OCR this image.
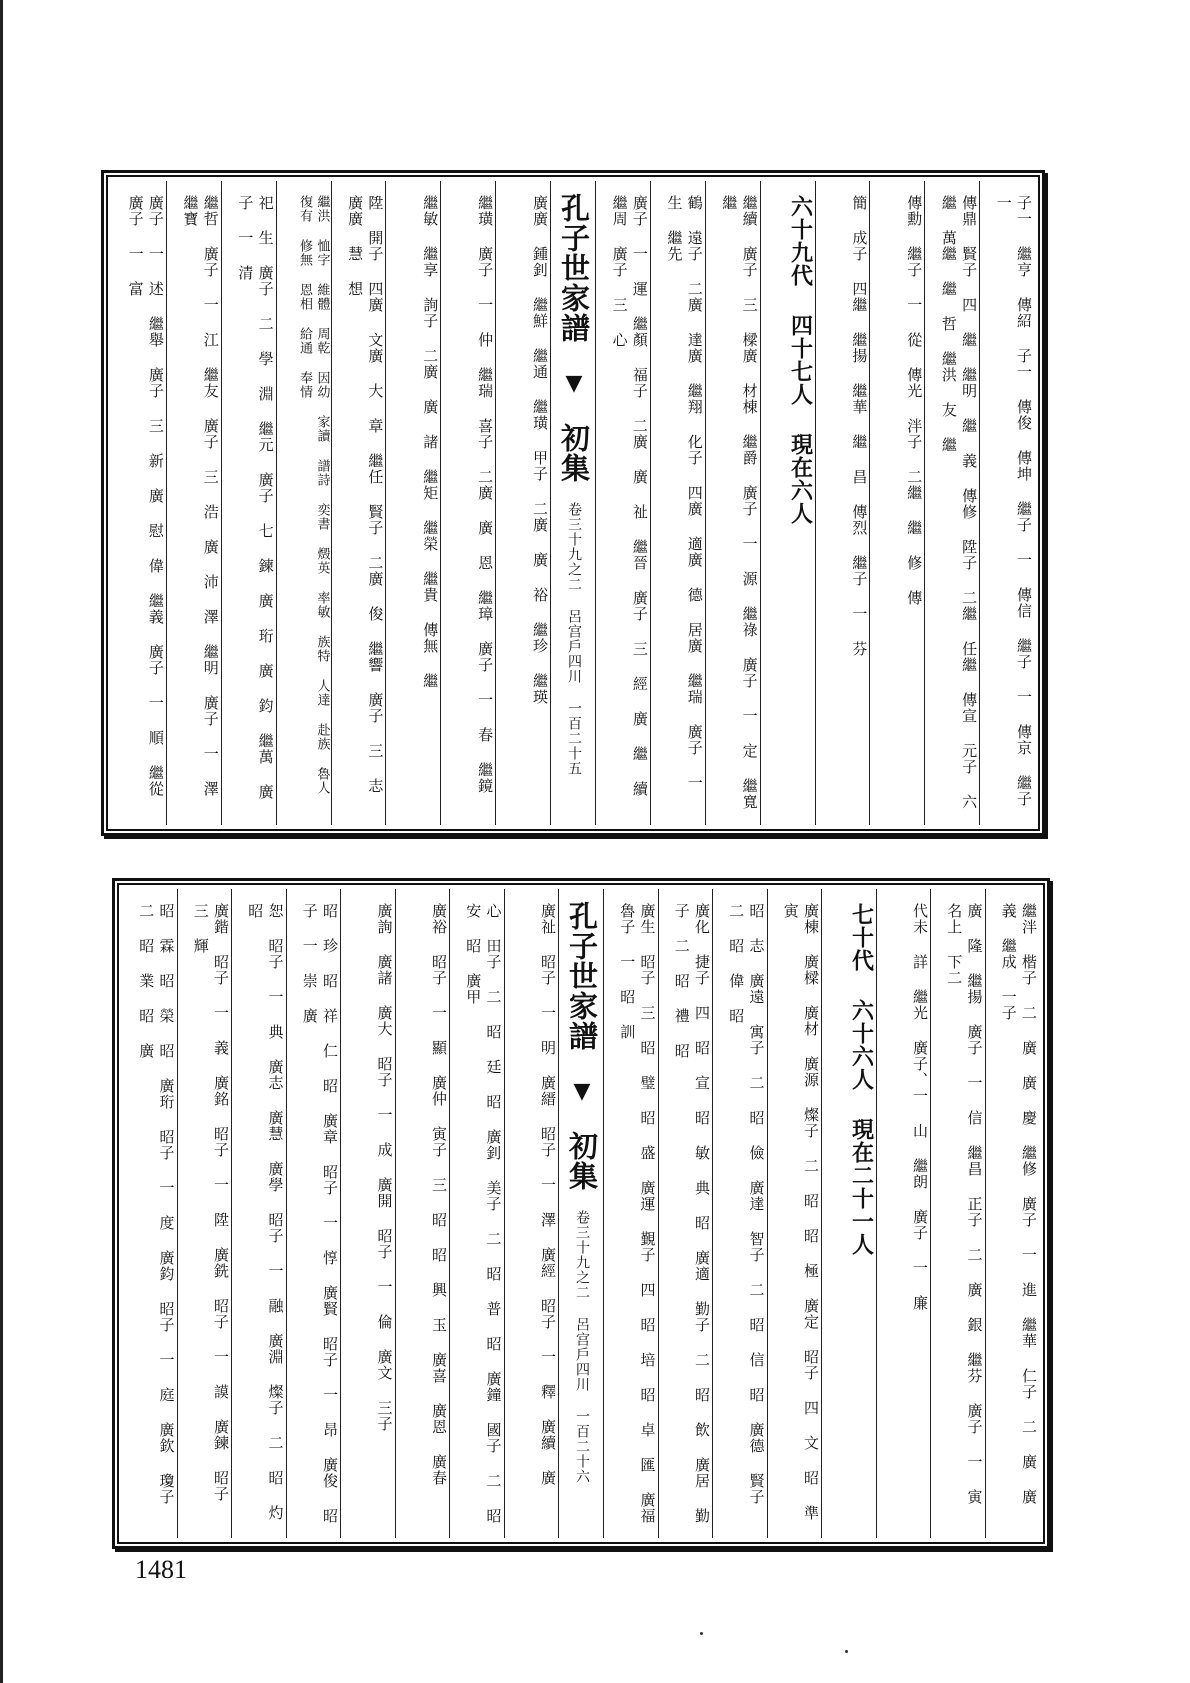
子一 繼亨 傳紹 子一 傳俊 傳坤 繼子 一 傳信 繼子 一 傳京 繼子 一
傳鼎 賢子 四 繼 繼明 繼 義 傳修 陞子 二繼 任繼 傳宣 元子 六繼 萬繼 繼 哲 繼洪 友 繼
傳勳 繼子 一 從 傳光 泮子 二繼 繼 修 傳
簡 成子 四繼 繼揚 繼華 繼 昌 傳烈 繼子 一 芬
六十九代 四十七人 現在六人
繼續 廣子 三 樑廣 材棟 繼爵 廣子 一 源 繼祿 廣子 一 定 繼寬 繼
鶴 遠子 二廣 達廣 繼翔 化子 四廣 適廣 德 居廣 繼瑞 廣子 一 生 繼先
廣子 一 運 繼顏 福子 二廣 廣 祉 繼晉 廣子 三 經 廣 繼 續 繼周 廣子 三 心
孔子世家譜 ▼ 初集 卷三十九之二 呂宫戶四川 一百二十五
廣廣 鍾釗 繼鮮 繼通 繼璜 甲子 二廣 廣 裕 繼珍 繼瑛
繼璜 廣子 一 仲 繼瑞 喜子 二廣 廣 恩 繼璋 廣子 一 春 繼鏡
繼敏 繼享 詢子 二廣 廣 諸 繼矩 繼榮 繼貴 傳無 繼
陞 開子 四廣 文廣 大 章 繼任 賢子 二廣 俊 繼響 廣子 三 志 廣廣 慧 想
繼洪 恤字 維體 周乾 因幼 家讀 譜詩 奕書 燬英 率敏 族特 人達 赴族 魯人 復有 修無 恩相 給通 奉情
祀 生 廣子 二 學 淵 繼元 廣子 七 鍊 廣 珩 廣 鈞 繼萬 廣子 一 清
繼哲 廣子 一 江 繼友 廣子 三 浩 廣 沛 澤 繼明 廣子 一 澤 繼寶
廣子 一 述 繼舉 廣子 三 新 廣 慰 偉 繼義 廣子 一 順 繼從 廣子 一 富
繼泮 楷子 二 廣 廣 慶 繼修 廣子 一 進 繼華 仁子 二 廣 廣 義 繼成 一子
廣 隆 繼揚 廣子 一 信 繼昌 正子 二 廣 銀 繼芬 廣子 一 寅 名上 下二
代未 詳 繼光 廣子、一 山 繼朗 廣子 一 廉
七十代 六十六人 現在二十一人
廣棟 廣樑 廣材 廣源 燦子 二 昭 昭 極 廣定 昭子 四 文 昭 準 寅
昭 志 廣遠 寓子 二 昭 儉 廣達 智子 二 昭 信 昭 廣德 賢子 二 昭 偉 昭
廣化 捷子 四 昭 宣 昭 敏 典 昭 廣適 勤子 二 昭 飲 廣居 勤子 二 昭 禮 昭
廣生 昭子 三 昭 璧 昭 盛 廣運 覲子 四 昭 培 昭 卓 匯 廣福 魯子 一 昭 訓
孔子世家譜 ▼ 初集 卷三十九之二 呂宫戶四川 一百二十六
廣祉 昭子 一 明 廣縉 昭子 一 澤 廣經 昭子 一 釋 廣續 廣
心 田子 二 昭 廷 昭 廣釗 美子 二 昭 普 昭 廣鐘 國子 二 昭 安 昭 廣甲
廣裕 昭子 一 顯 廣仲 寅子 三 昭 昭 興 玉 廣喜 廣恩 廣春
廣詢 廣諸 廣大 昭子 一 成 廣開 昭子 一 倫 廣文 三子
昭 珍 昭 祥 仁 昭 廣章 昭子 一 惇 廣賢 昭子 一 昂 廣俊 昭子 一 崇 廣
恕 昭子 一 典 廣志 廣慧 廣學 昭子 一 融 廣淵 燦子 二 昭 灼 昭
廣鍇 昭子 一 義 廣銘 昭子 一 陞 廣銑 昭子 一 謨 廣鍊 昭子 三 輝
昭 霖 昭 榮 昭 廣珩 昭子 一 度 廣鈞 昭子 一 庭 廣欽 瓊子 二 昭 業 昭 廣
1481
